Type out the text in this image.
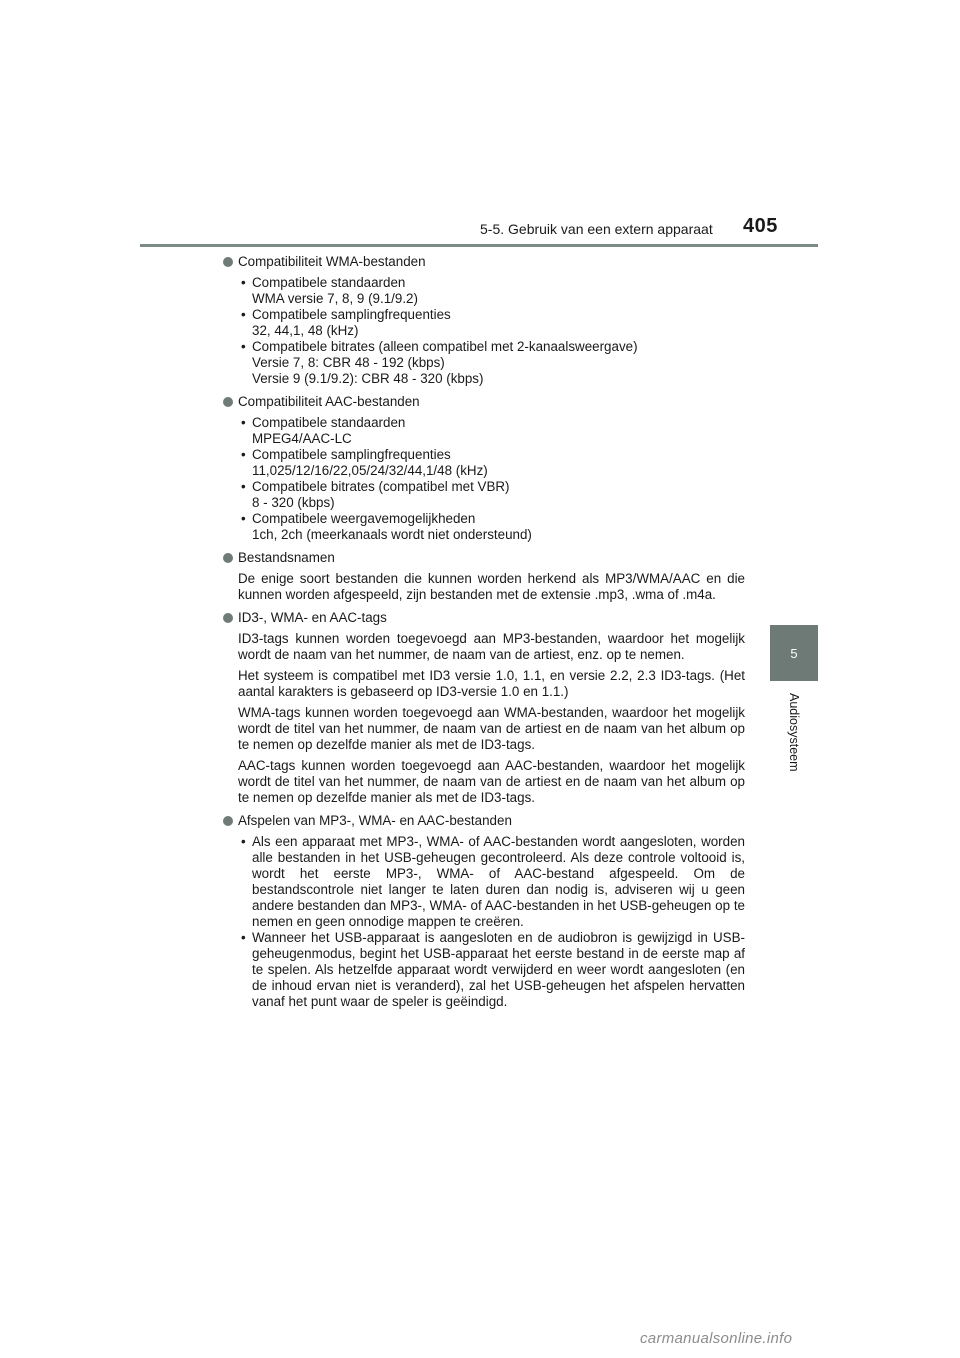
5-5. Gebruik van een extern apparaat 405
5
Audiosysteem
Compatibiliteit WMA-bestanden
• Compatibele standaarden
WMA versie 7, 8, 9 (9.1/9.2)
• Compatibele samplingfrequenties
32, 44,1, 48 (kHz)
• Compatibele bitrates (alleen compatibel met 2-kanaalsweergave)
Versie 7, 8: CBR 48 - 192 (kbps)
Versie 9 (9.1/9.2): CBR 48 - 320 (kbps)
Compatibiliteit AAC-bestanden
• Compatibele standaarden
MPEG4/AAC-LC
• Compatibele samplingfrequenties
11,025/12/16/22,05/24/32/44,1/48 (kHz)
• Compatibele bitrates (compatibel met VBR)
8 - 320 (kbps)
• Compatibele weergavemogelijkheden
1ch, 2ch (meerkanaals wordt niet ondersteund)
Bestandsnamen
De enige soort bestanden die kunnen worden herkend als MP3/WMA/AAC en die kunnen worden afgespeeld, zijn bestanden met de extensie .mp3, .wma of .m4a.
ID3-, WMA- en AAC-tags
ID3-tags kunnen worden toegevoegd aan MP3-bestanden, waardoor het mogelijk wordt de naam van het nummer, de naam van de artiest, enz. op te nemen.
Het systeem is compatibel met ID3 versie 1.0, 1.1, en versie 2.2, 2.3 ID3-tags. (Het aantal karakters is gebaseerd op ID3-versie 1.0 en 1.1.)
WMA-tags kunnen worden toegevoegd aan WMA-bestanden, waardoor het mogelijk wordt de titel van het nummer, de naam van de artiest en de naam van het album op te nemen op dezelfde manier als met de ID3-tags.
AAC-tags kunnen worden toegevoegd aan AAC-bestanden, waardoor het mogelijk wordt de titel van het nummer, de naam van de artiest en de naam van het album op te nemen op dezelfde manier als met de ID3-tags.
Afspelen van MP3-, WMA- en AAC-bestanden
• Als een apparaat met MP3-, WMA- of AAC-bestanden wordt aangesloten, worden alle bestanden in het USB-geheugen gecontroleerd. Als deze controle voltooid is, wordt het eerste MP3-, WMA- of AAC-bestand afgespeeld. Om de bestandscontrole niet langer te laten duren dan nodig is, adviseren wij u geen andere bestanden dan MP3-, WMA- of AAC-bestanden in het USB-geheugen op te nemen en geen onnodige mappen te creëren.
• Wanneer het USB-apparaat is aangesloten en de audiobron is gewijzigd in USB-geheugenmodus, begint het USB-apparaat het eerste bestand in de eerste map af te spelen. Als hetzelfde apparaat wordt verwijderd en weer wordt aangesloten (en de inhoud ervan niet is veranderd), zal het USB-geheugen het afspelen hervatten vanaf het punt waar de speler is geëindigd.
carmanualsonline.info
